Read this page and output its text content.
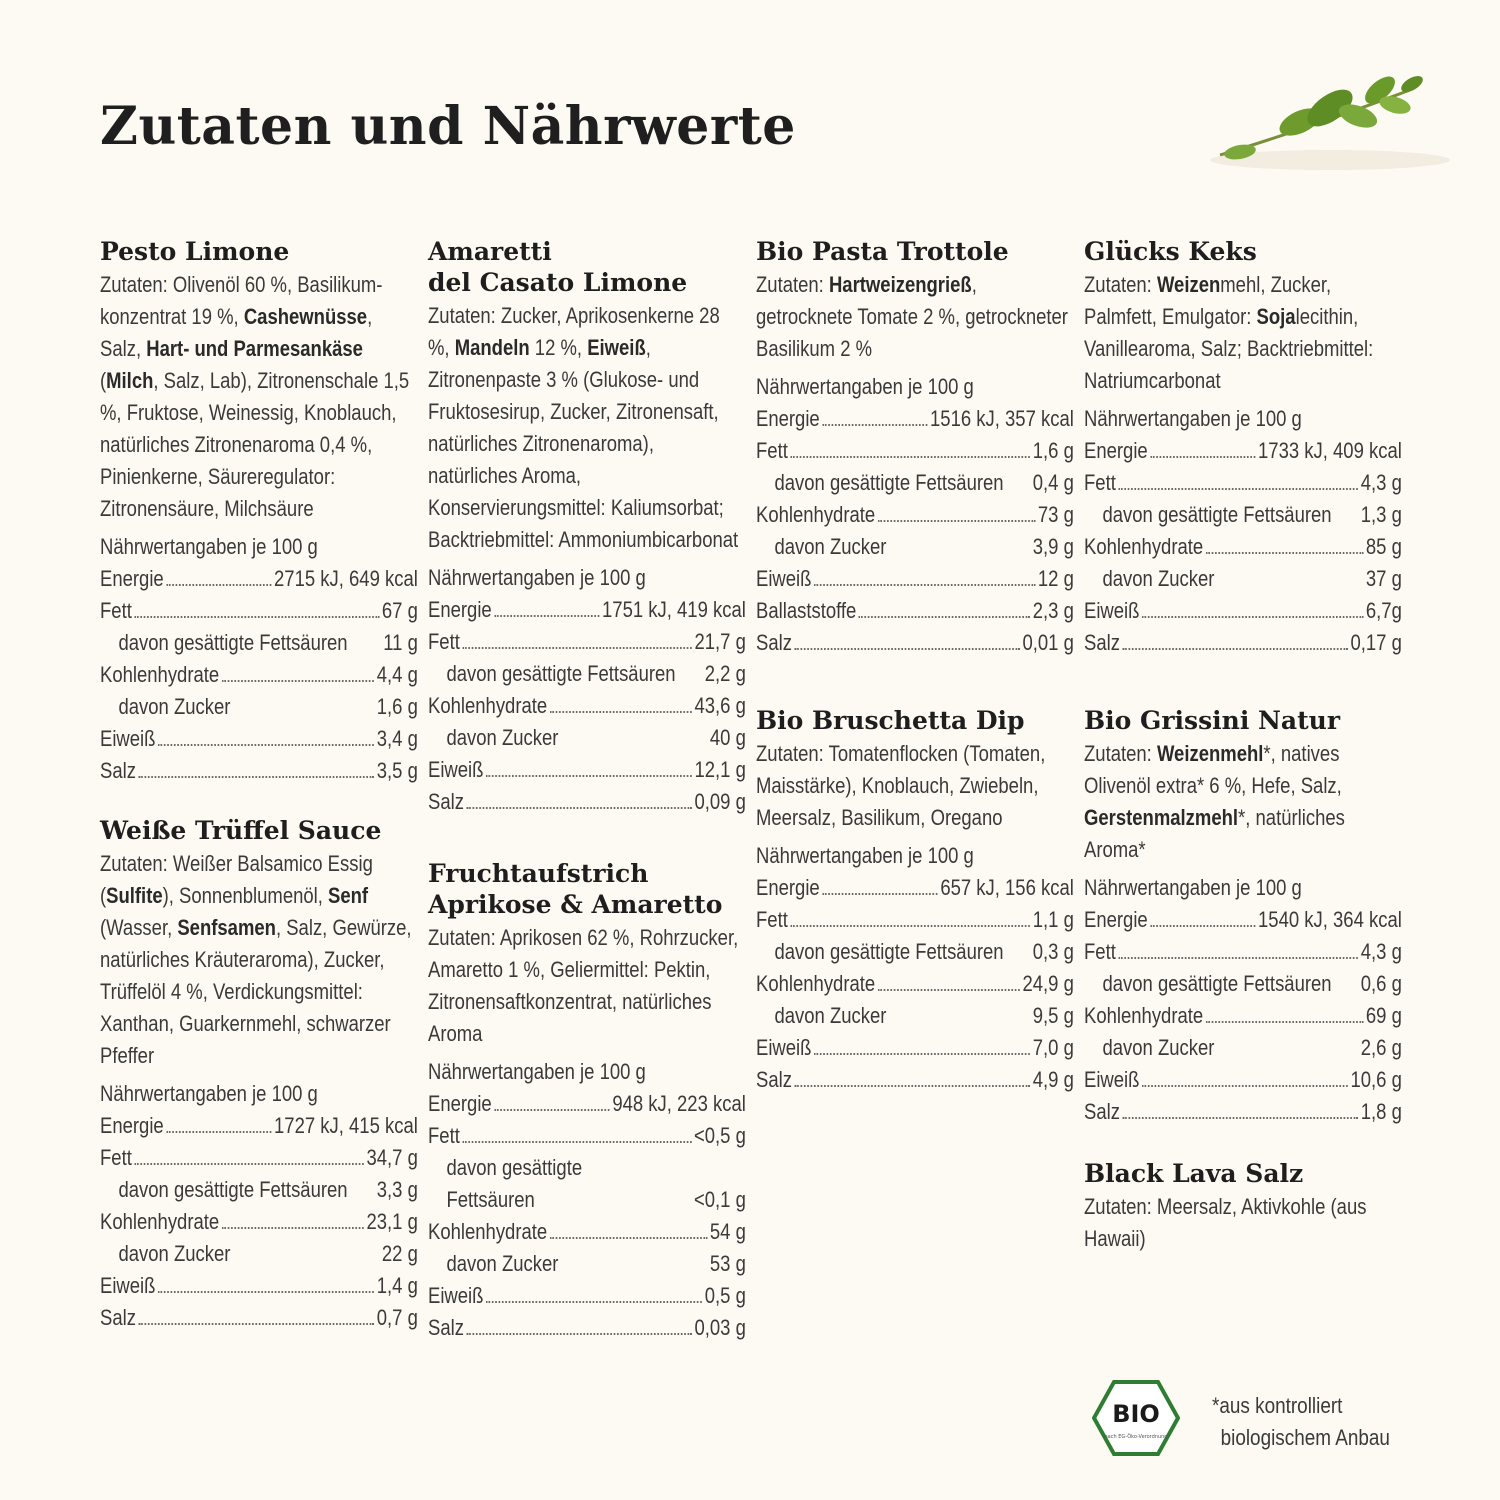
Zutaten und Nährwerte
Pesto Limone
Zutaten: Olivenöl 60 %, Basilikum-konzentrat 19 %, Cashewnüsse, Salz, Hart- und Parmesankäse (Milch, Salz, Lab), Zitronenschale 1,5 %, Fruktose, Weinessig, Knoblauch, natürliches Zitronenaroma 0,4 %, Pinienkerne, Säureregulator: Zitronensäure, Milchsäure
Nährwertangaben je 100 g
Energie	2715 kJ, 649 kcal
Fett	67 g
davon gesättigte Fettsäuren 11 g
Kohlenhydrate	4,4 g
davon Zucker	1,6 g
Eiweiß	3,4 g
Salz	3,5 g
Weiße Trüffel Sauce
Zutaten: Weißer Balsamico Essig (Sulfite), Sonnenblumenöl, Senf (Wasser, Senfsamen, Salz, Gewürze, natürliches Kräuteraroma), Zucker, Trüffelöl 4 %, Verdickungsmittel: Xanthan, Guarkernmehl, schwarzer Pfeffer
Nährwertangaben je 100 g
Energie	1727 kJ, 415 kcal
Fett	34,7 g
davon gesättigte Fettsäuren 3,3 g
Kohlenhydrate	23,1 g
davon Zucker	22 g
Eiweiß	1,4 g
Salz	0,7 g
Amaretti
del Casato Limone
Zutaten: Zucker, Aprikosenkerne 28 %, Mandeln 12 %, Eiweiß, Zitronenpaste 3 % (Glukose- und Fruktosesirup, Zucker, Zitronensaft, natürliches Zitronenaroma), natürliches Aroma, Konservierungsmittel: Kaliumsorbat; Backtriebmittel: Ammoniumbicarbonat
Nährwertangaben je 100 g
Energie	1751 kJ, 419 kcal
Fett	21,7 g
davon gesättigte Fettsäuren 2,2 g
Kohlenhydrate	43,6 g
davon Zucker	40 g
Eiweiß	12,1 g
Salz	0,09 g
Fruchtaufstrich
Aprikose & Amaretto
Zutaten: Aprikosen 62 %, Rohrzucker, Amaretto 1 %, Geliermittel: Pektin, Zitronensaftkonzentrat, natürliches Aroma
Nährwertangaben je 100 g
Energie	948 kJ, 223 kcal
Fett	<0,5 g
davon gesättigte
Fettsäuren	<0,1 g
Kohlenhydrate	54 g
davon Zucker	53 g
Eiweiß	0,5 g
Salz	0,03 g
Bio Pasta Trottole
Zutaten: Hartweizengrieß, getrocknete Tomate 2 %, getrockneter Basilikum 2 %
Nährwertangaben je 100 g
Energie	1516 kJ, 357 kcal
Fett	1,6 g
davon gesättigte Fettsäuren 0,4 g
Kohlenhydrate	73 g
davon Zucker	3,9 g
Eiweiß	12 g
Ballaststoffe	2,3 g
Salz	0,01 g
Bio Bruschetta Dip
Zutaten: Tomatenflocken (Tomaten, Maisstärke), Knoblauch, Zwiebeln, Meersalz, Basilikum, Oregano
Nährwertangaben je 100 g
Energie	657 kJ, 156 kcal
Fett	1,1 g
davon gesättigte Fettsäuren 0,3 g
Kohlenhydrate	24,9 g
davon Zucker	9,5 g
Eiweiß	7,0 g
Salz	4,9 g
Glücks Keks
Zutaten: Weizenmehl, Zucker, Palmfett, Emulgator: Sojalecithin, Vanillearoma, Salz; Backtriebmittel: Natriumcarbonat
Nährwertangaben je 100 g
Energie	1733 kJ, 409 kcal
Fett	4,3 g
davon gesättigte Fettsäuren 1,3 g
Kohlenhydrate	85 g
davon Zucker	37 g
Eiweiß	6,7g
Salz	0,17 g
Bio Grissini Natur
Zutaten: Weizenmehl*, natives Olivenöl extra* 6 %, Hefe, Salz, Gerstenmalzmehl*, natürliches Aroma*
Nährwertangaben je 100 g
Energie	1540 kJ, 364 kcal
Fett	4,3 g
davon gesättigte Fettsäuren 0,6 g
Kohlenhydrate	69 g
davon Zucker	2,6 g
Eiweiß	10,6 g
Salz	1,8 g
Black Lava Salz
Zutaten: Meersalz, Aktivkohle (aus Hawaii)
BIO
nach EG-Öko-Verordnung
*aus kontrolliert
biologischem Anbau
